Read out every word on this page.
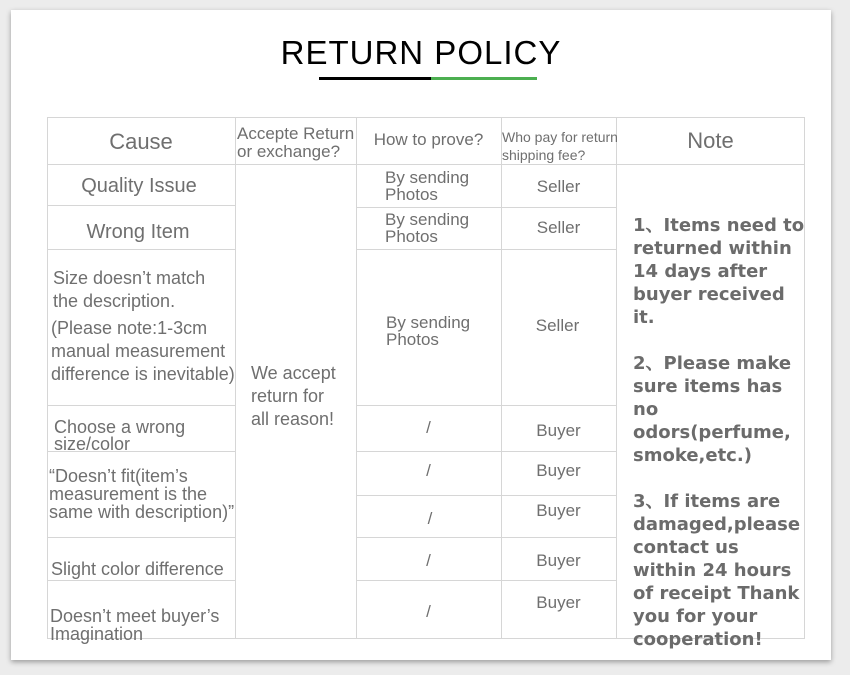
RETURN POLICY
Cause	Accepte Return
or exchange?
How to prove?	Who pay for return
shipping fee?
Note
Quality Issue
Wrong Item
Size doesn’t match
the description.
(Please note:1-3cm
manual measurement
difference is inevitable)
Choose a wrong
size/color
“Doesn’t fit(item’s
measurement is the
same with description)”
Slight color difference
Doesn’t meet buyer’s
Imagination
We accept
return for
all reason!
By sending
Photos
By sending
Photos
By sending
Photos
/
/
/
/
/
Seller
Seller
Seller
Buyer
Buyer
Buyer
Buyer
Buyer

1、Items need to returned within 14 days after buyer received it.

2、Please make sure items has no odors(perfume, smoke,etc.)

3、If items are damaged,please contact us within 24 hours of receipt Thank you for your cooperation!
